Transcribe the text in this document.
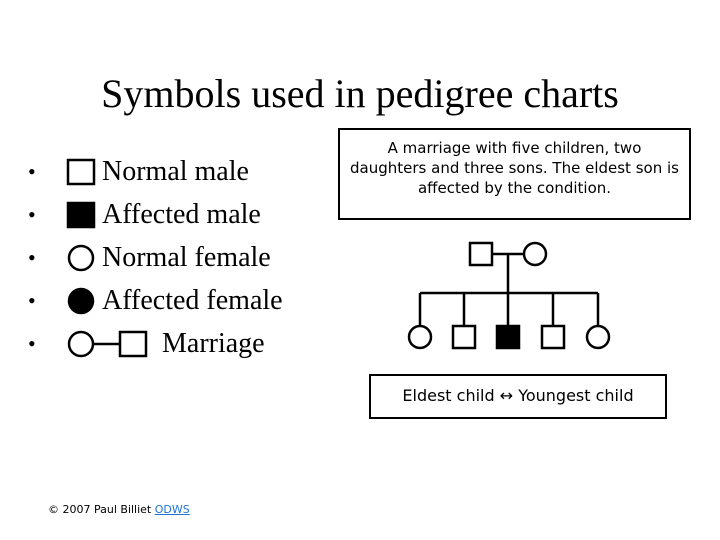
Symbols used in pedigree charts
• Normal male
• Affected male
• Normal female
• Affected female
•	Marriage
A marriage with five children, two daughters and three sons. The eldest son is affected by the condition.
Eldest child ↔ Youngest child
© 2007 Paul Billiet ODWS
